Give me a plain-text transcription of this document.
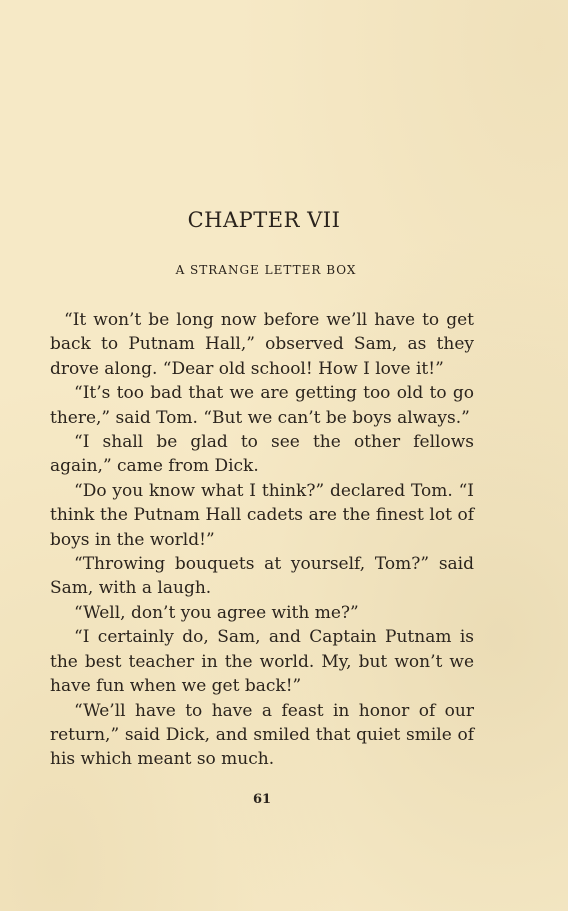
CHAPTER VII
A STRANGE LETTER BOX

“It won’t be long now before we’ll have to get back to Putnam Hall,” observed Sam, as they drove along. “Dear old school! How I love it!”

“It’s too bad that we are getting too old to go there,” said Tom. “But we can’t be boys always.”

“I shall be glad to see the other fellows again,” came from Dick.

“Do you know what I think?” declared Tom. “I think the Putnam Hall cadets are the finest lot of boys in the world!”

“Throwing bouquets at yourself, Tom?” said Sam, with a laugh.

“Well, don’t you agree with me?”

“I certainly do, Sam, and Captain Putnam is the best teacher in the world. My, but won’t we have fun when we get back!”

“We’ll have to have a feast in honor of our return,” said Dick, and smiled that quiet smile of his which meant so much.

61
